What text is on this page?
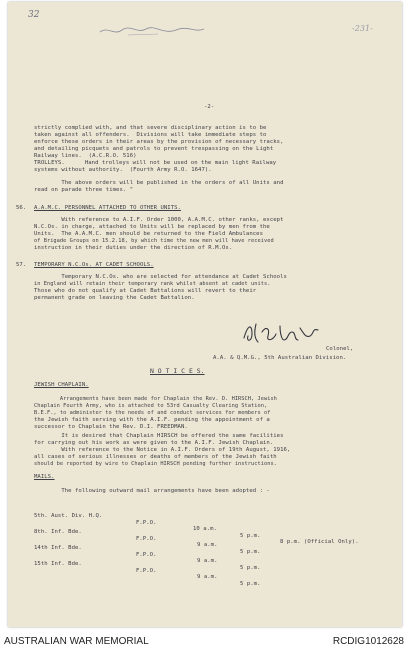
32
-231-
-2-
strictly complied with, and that severe disciplinary action is to be
taken against all offenders.  Divisions will take immediate steps to
enforce these orders in their areas by the provision of necessary tracks,
and detailing picquets and patrols to prevent trespassing on the Light
Railway lines.  (A.C.R.O. 516)
TROLLEYS. Hand trolleys will not be used on the main light Railway
systems without authority.  (Fourth Army R.O. 1647).
The above orders will be published in the orders of all Units and
read on parade three times. "
56. A.A.M.C. PERSONNEL ATTACHED TO OTHER UNITS.
With reference to A.I.F. Order 1000, A.A.M.C. other ranks, except
N.C.Os. in charge, attached to Units will be replaced by men from the
Units.  The A.A.M.C. men should be returned to the Field Ambulances
of Brigade Groups on 15.2.18, by which time the new men will have received
instruction in their duties under the direction of R.M.Os.
57. TEMPORARY N.C.Os. AT CADET SCHOOLS.
Temporary N.C.Os. who are selected for attendance at Cadet Schools
in England will retain their temporary rank whilst absent at cadet units.
Those who do not qualify at Cadet Battalions will revert to their
permanent grade on leaving the Cadet Battalion.
Colonel,
A.A. & Q.M.G., 5th Australian Division.
N O T I C E S.
JEWISH CHAPLAIN.
Arrangements have been made for Chaplain the Rev. D. HIRSCH, Jewish
Chaplain Fourth Army, who is attached to 53rd Casualty Clearing Station,
B.E.F., to administer to the needs of and conduct services for members of
the Jewish faith serving with the A.I.F. pending the appointment of a
successor to Chaplain the Rev. D.I. FREEDMAN.
It is desired that Chaplain HIRSCH be offered the same facilities
for carrying out his work as were given to the A.I.F. Jewish Chaplain.
With reference to the Notice in A.I.F. Orders of 19th August, 1916,
all cases of serious illnesses or deaths of members of the Jewish faith
should be reported by wire to Chaplain HIRSCH pending further instructions.
MAILS.
The following outward mail arrangements have been adopted : -

5th. Aust. Div. H.Q.

F.P.O.

10 a.m.

5 p.m.

8 p.m. (Official Only).

8th. Inf. Bde.

F.P.O.

9 a.m.

5 p.m.

14th Inf. Bde.

F.P.O.

9 a.m.

5 p.m.

15th Inf. Bde.

F.P.O.

9 a.m.

5 p.m.

AUSTRALIAN WAR MEMORIAL	RCDIG1012628
